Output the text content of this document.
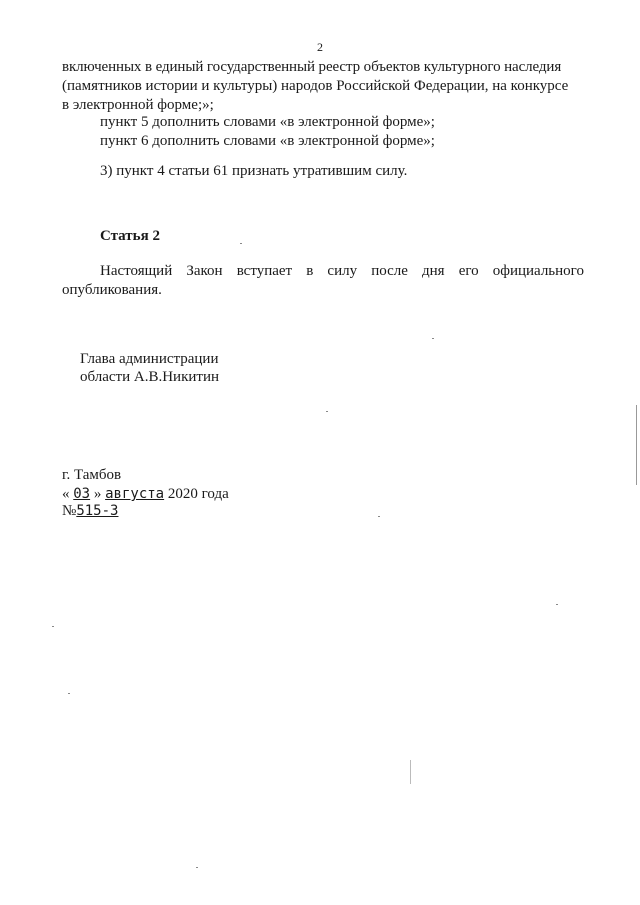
2
включенных в единый государственный реестр объектов культурного наследия
(памятников истории и культуры) народов Российской Федерации, на конкурсе
в электронной форме;»;
пункт 5 дополнить словами «в электронной форме»;
пункт 6 дополнить словами «в электронной форме»;
3) пункт 4 статьи 61 признать утратившим силу.
Статья 2
Настоящий Закон вступает в силу после дня его официального
опубликования.
Глава администрации
области А.В.Никитин
г. Тамбов
« 03 » августа 2020 года
№515-З
